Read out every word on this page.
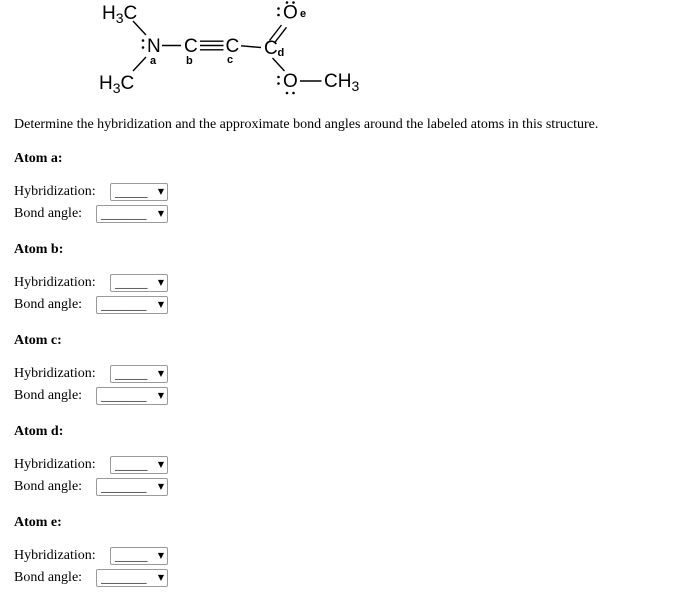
$H_3C$
$H_3C$
N C C C
O
O $CH_3$
a	b	c
d
e
Determine the hybridization and the approximate bond angles around the labeled atoms in this structure.
Atom a:
Hybridization:
_____	▼
Bond angle:
_______	▼
Atom b:
Hybridization:
_____	▼
Bond angle:
_______	▼
Atom c:
Hybridization:
_____	▼
Bond angle:
_______	▼
Atom d:
Hybridization:
_____	▼
Bond angle:
_______	▼
Atom e:
Hybridization:
_____	▼
Bond angle:
_______	▼
